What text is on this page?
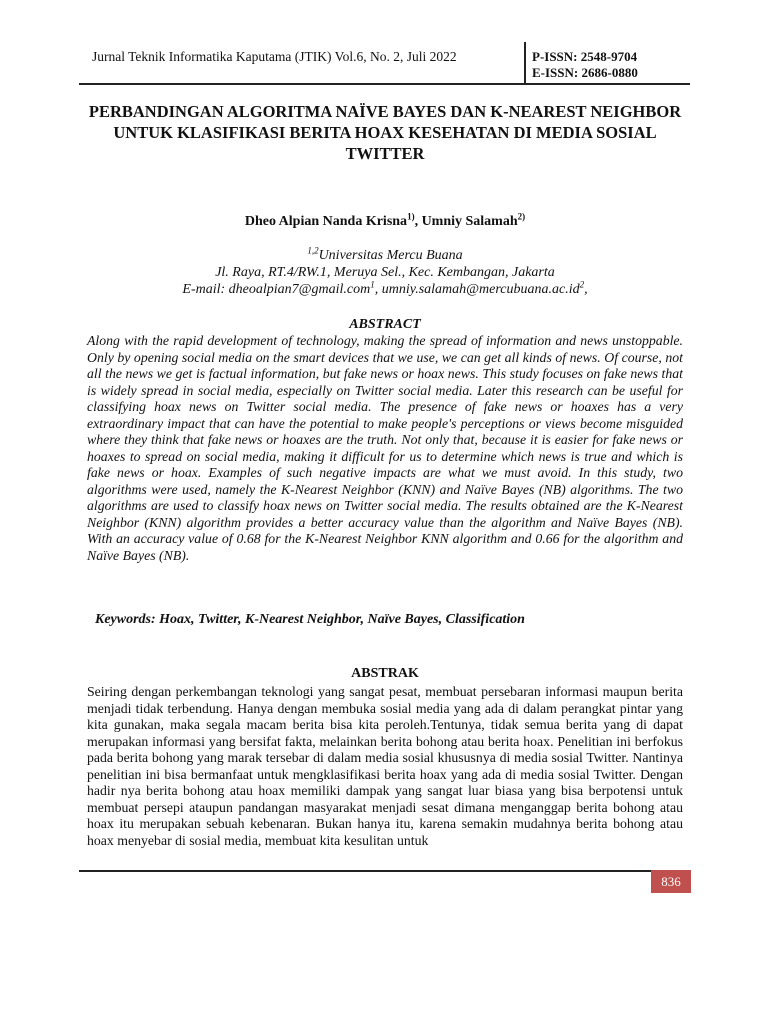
Jurnal Teknik Informatika Kaputama (JTIK) Vol.6, No. 2, Juli 2022	P-ISSN: 2548-9704
E-ISSN: 2686-0880
PERBANDINGAN ALGORITMA NAÏVE BAYES DAN K-NEAREST NEIGHBOR UNTUK KLASIFIKASI BERITA HOAX KESEHATAN DI MEDIA SOSIAL TWITTER
Dheo Alpian Nanda Krisna$^{1)}$, Umniy Salamah$^{2)}$
$^{1,2}$Universitas Mercu Buana
Jl. Raya, RT.4/RW.1, Meruya Sel., Kec. Kembangan, Jakarta
E-mail: dheoalpian7@gmail.com$^1$, $umniy.salamah@mercubuana.ac.id^2$,
ABSTRACT
Along with the rapid development of technology, making the spread of information and news unstoppable. Only by opening social media on the smart devices that we use, we can get all kinds of news. Of course, not all the news we get is factual information, but fake news or hoax news. This study focuses on fake news that is widely spread in social media, especially on Twitter social media. Later this research can be useful for classifying hoax news on Twitter social media. The presence of fake news or hoaxes has a very extraordinary impact that can have the potential to make people's perceptions or views become misguided where they think that fake news or hoaxes are the truth. Not only that, because it is easier for fake news or hoaxes to spread on social media, making it difficult for us to determine which news is true and which is fake news or hoax. Examples of such negative impacts are what we must avoid. In this study, two algorithms were used, namely the K-Nearest Neighbor (KNN) and Naïve Bayes (NB) algorithms. The two algorithms are used to classify hoax news on Twitter social media. The results obtained are the K-Nearest Neighbor (KNN) algorithm provides a better accuracy value than the algorithm and Naïve Bayes (NB). With an accuracy value of 0.68 for the K-Nearest Neighbor KNN algorithm and 0.66 for the algorithm and Naïve Bayes (NB).
Keywords: Hoax, Twitter, K-Nearest Neighbor, Naïve Bayes, Classification
ABSTRAK
Seiring dengan perkembangan teknologi yang sangat pesat, membuat persebaran informasi maupun berita menjadi tidak terbendung. Hanya dengan membuka sosial media yang ada di dalam perangkat pintar yang kita gunakan, maka segala macam berita bisa kita peroleh.Tentunya, tidak semua berita yang di dapat merupakan informasi yang bersifat fakta, melainkan berita bohong atau berita hoax. Penelitian ini berfokus pada berita bohong yang marak tersebar di dalam media sosial khususnya di media sosial Twitter. Nantinya penelitian ini bisa bermanfaat untuk mengklasifikasi berita hoax yang ada di media sosial Twitter. Dengan hadir nya berita bohong atau hoax memiliki dampak yang sangat luar biasa yang bisa berpotensi untuk membuat persepi ataupun pandangan masyarakat menjadi sesat dimana menganggap berita bohong atau hoax itu merupakan sebuah kebenaran. Bukan hanya itu, karena semakin mudahnya berita bohong atau hoax menyebar di sosial media, membuat kita kesulitan untuk
836
